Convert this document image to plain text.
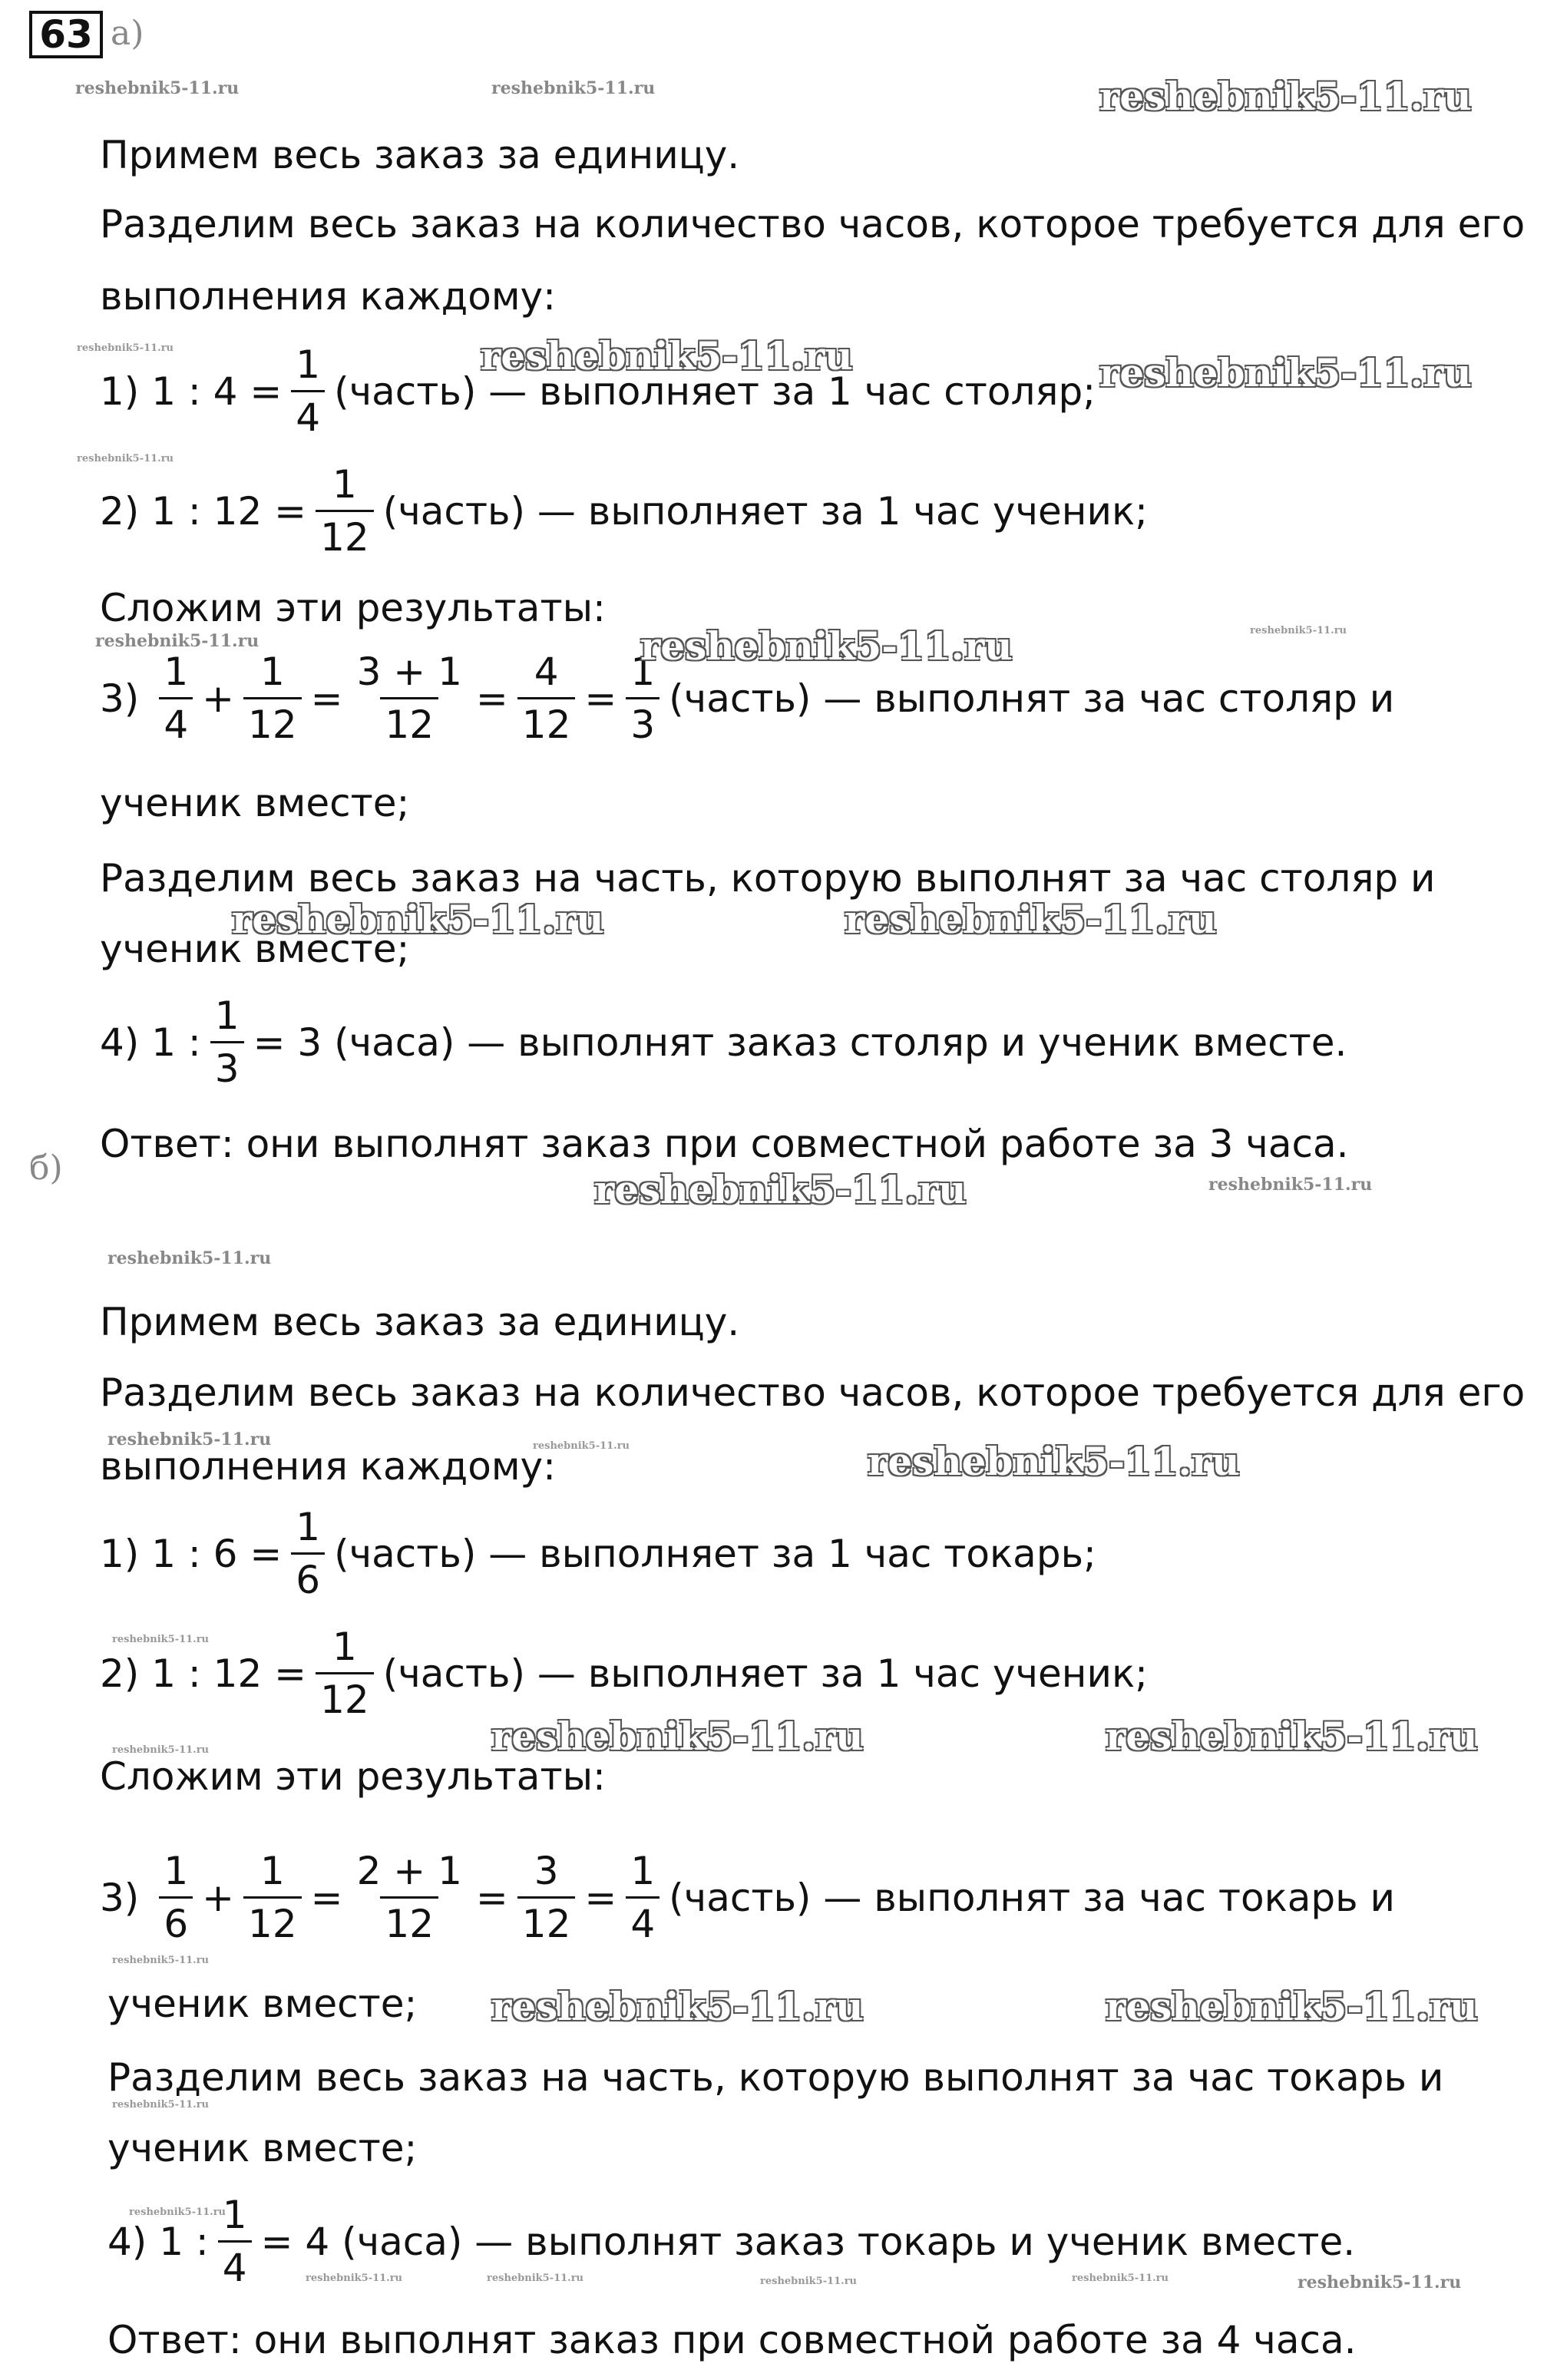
63 а)
Примем весь заказ за единицу.
Разделим весь заказ на количество часов, которое требуется для его
выполнения каждому:
1) 1 : $4 = \frac{1}{4}$ (часть) — выполняет за 1 час столяр;
2) 1 : $12 = \frac{1}{12}$ (часть) — выполняет за 1 час ученик;
Сложим эти результаты:
$3) \frac{1}{4} + \frac{1}{12} = \frac{3 + 1}{12} = \frac{4}{12} = \frac{1}{3}$ (часть) — выполнят за час столяр и
ученик вместе;
Разделим весь заказ на часть, которую выполнят за час столяр и
ученик вместе;
4) 1 : $\frac{1}{3} = 3$ (часа) — выполнят заказ столяр и ученик вместе.
Ответ: они выполнят заказ при совместной работе за 3 часа.
б)
Примем весь заказ за единицу.
Разделим весь заказ на количество часов, которое требуется для его
выполнения каждому:
1) 1 : $6 = \frac{1}{6}$ (часть) — выполняет за 1 час токарь;
2) 1 : $12 = \frac{1}{12}$ (часть) — выполняет за 1 час ученик;
Сложим эти результаты:
$3) \frac{1}{6} + \frac{1}{12} = \frac{2 + 1}{12} = \frac{3}{12} = \frac{1}{4}$ (часть) — выполнят за час токарь и
ученик вместе;
Разделим весь заказ на часть, которую выполнят за час токарь и
ученик вместе;
4) 1 : $\frac{1}{4} = 4$ (часа) — выполнят заказ токарь и ученик вместе.
Ответ: они выполнят заказ при совместной работе за 4 часа.
reshebnik5-11.ru	reshebnik5-11.ru	reshebnik5-11.ru
reshebnik5-11.ru	reshebnik5-11.ru	reshebnik5-11.ru
reshebnik5-11.ru
reshebnik5-11.ru	reshebnik5-11.ru	reshebnik5-11.ru
reshebnik5-11.ru	reshebnik5-11.ru
reshebnik5-11.ru	reshebnik5-11.ru
reshebnik5-11.ru
reshebnik5-11.ru	reshebnik5-11.ru	reshebnik5-11.ru
reshebnik5-11.ru
reshebnik5-11.ru	reshebnik5-11.ru
reshebnik5-11.ru
reshebnik5-11.ru
reshebnik5-11.ru	reshebnik5-11.ru
reshebnik5-11.ru
reshebnik5-11.ru
reshebnik5-11.ru	reshebnik5-11.ru	reshebnik5-11.ru	reshebnik5-11.ru	reshebnik5-11.ru
